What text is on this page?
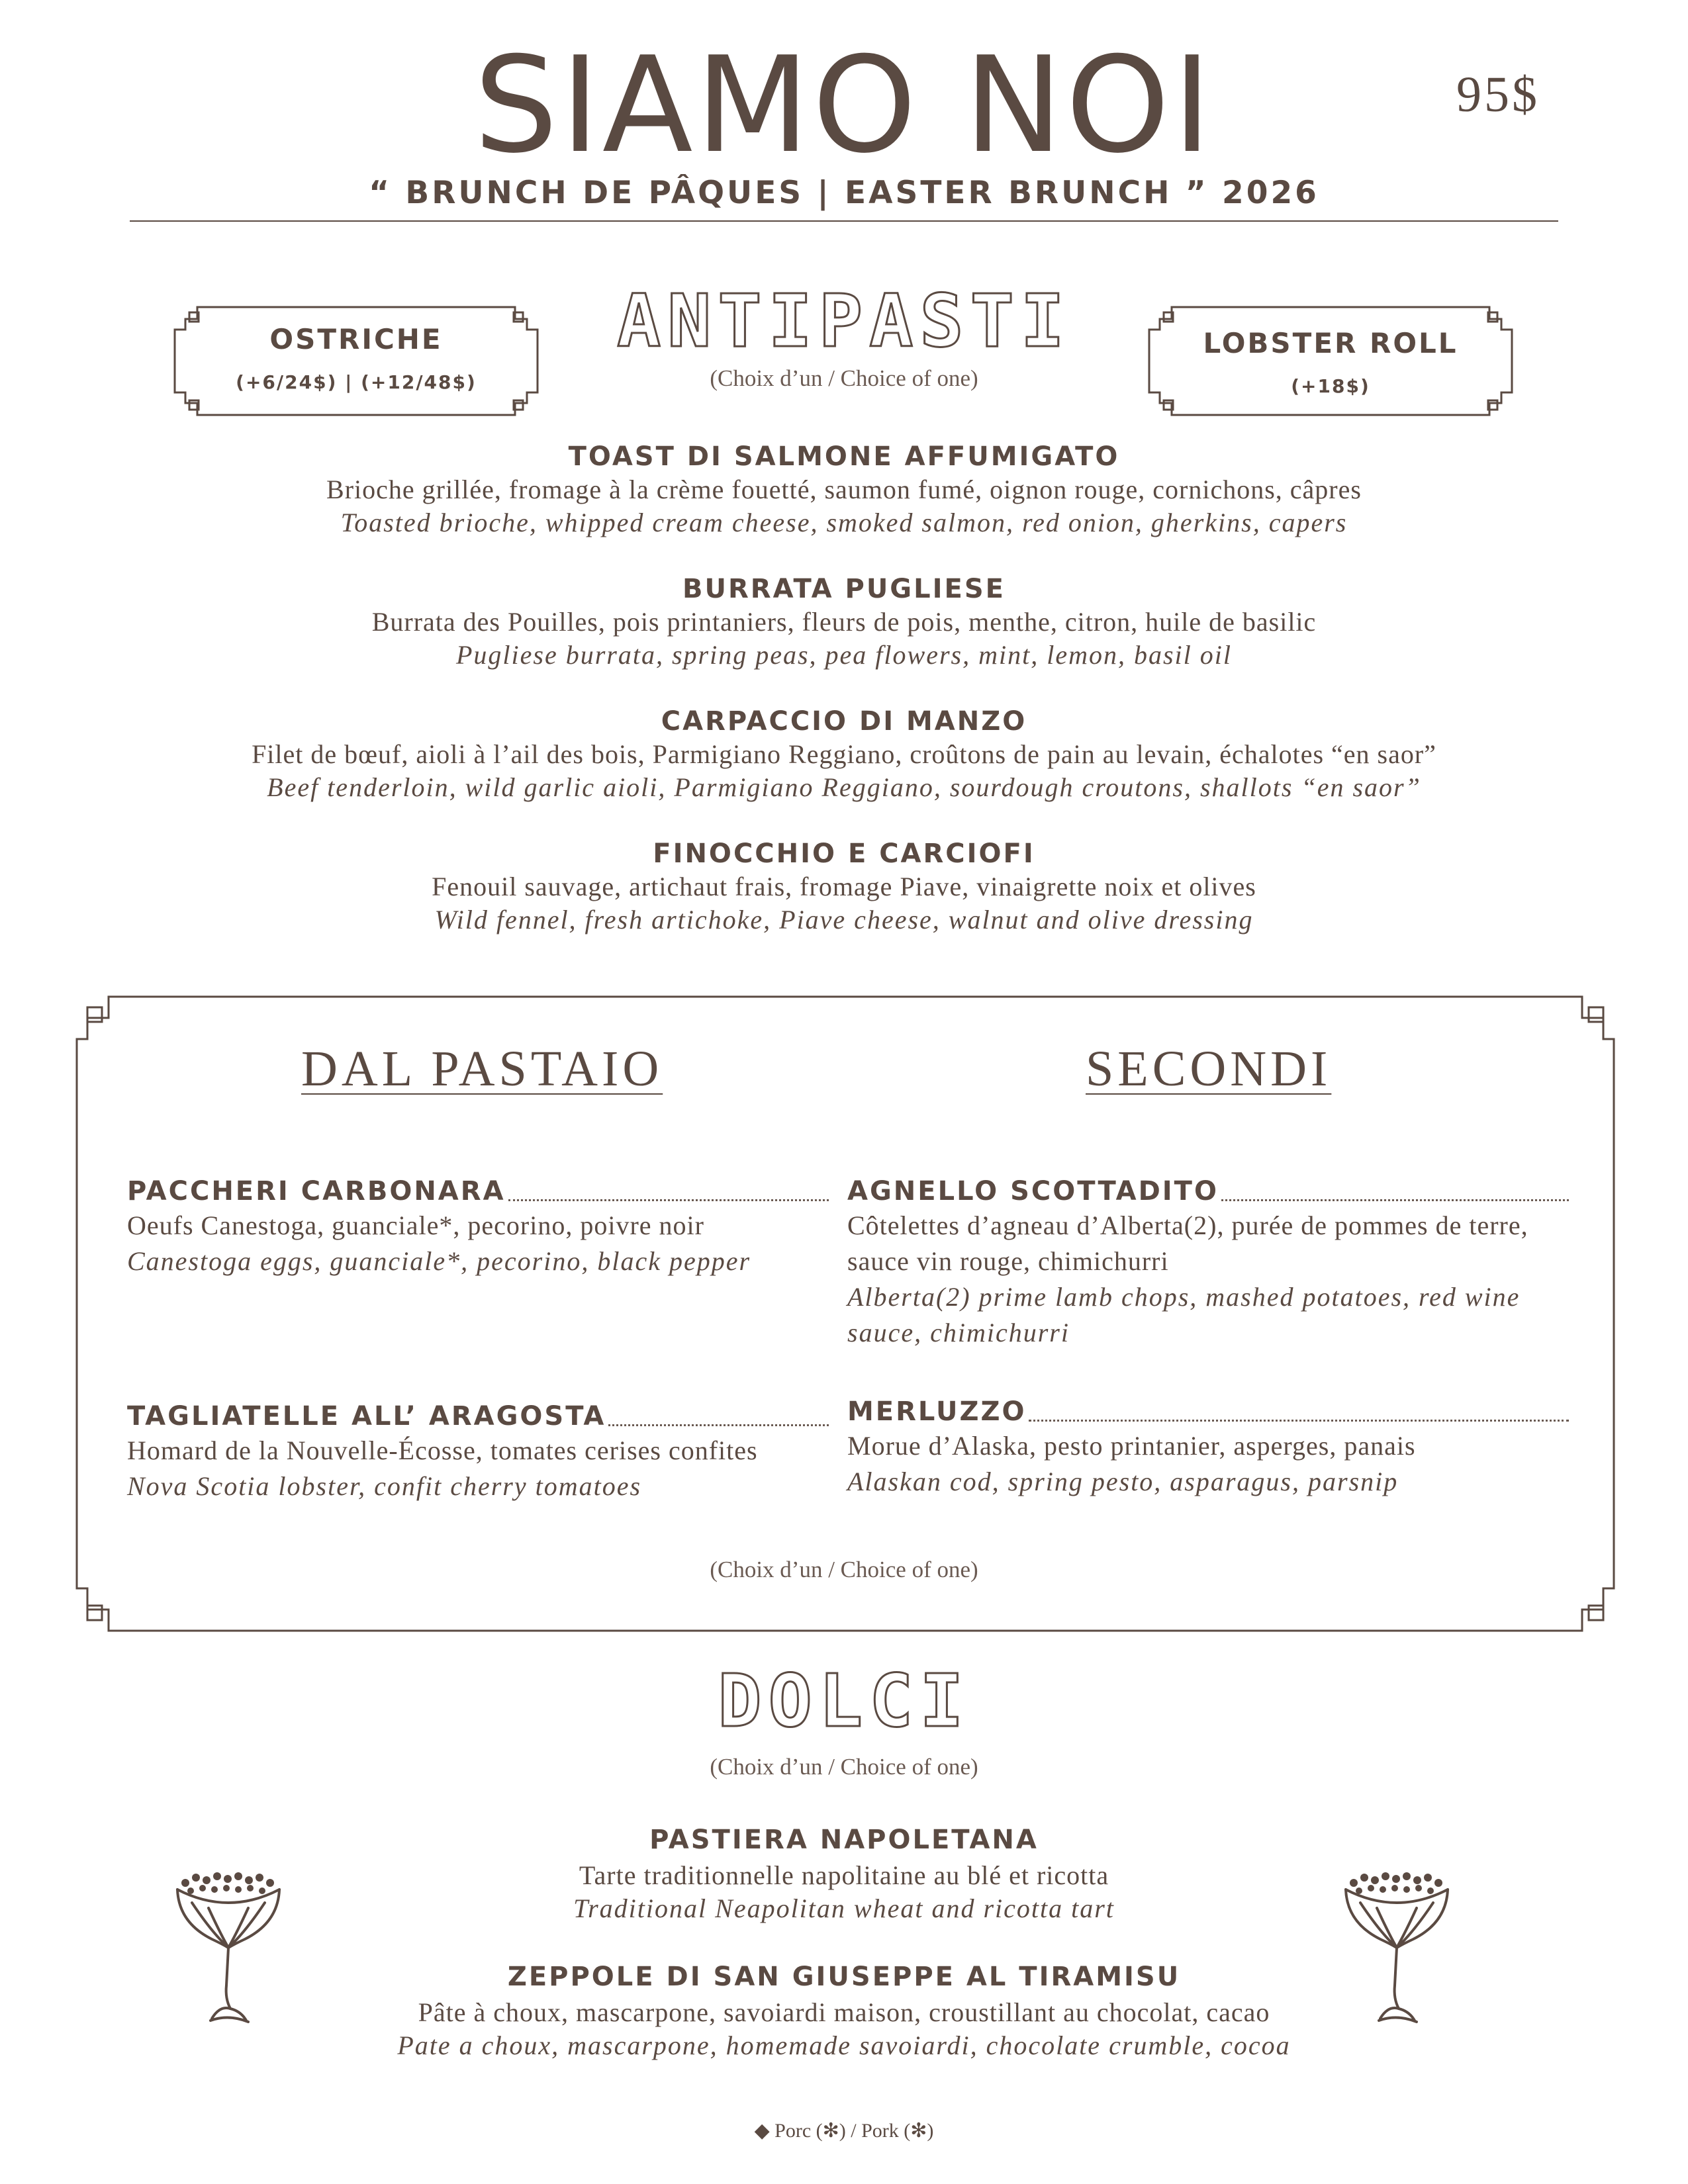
SIAMO NOI	95$
“ BRUNCH DE PÂQUES | EASTER BRUNCH ” 2026
ANTIPASTI
(Choix d’un / Choice of one)
OSTRICHE
(+6/24$) | (+12/48$)
LOBSTER ROLL
(+18$)
TOAST DI SALMONE AFFUMIGATO
Brioche grillée, fromage à la crème fouetté, saumon fumé, oignon rouge, cornichons, câpres
Toasted brioche, whipped cream cheese, smoked salmon, red onion, gherkins, capers
BURRATA PUGLIESE
Burrata des Pouilles, pois printaniers, fleurs de pois, menthe, citron, huile de basilic
Pugliese burrata, spring peas, pea flowers, mint, lemon, basil oil
CARPACCIO DI MANZO
Filet de bœuf, aioli à l’ail des bois, Parmigiano Reggiano, croûtons de pain au levain, échalotes “en saor”
Beef tenderloin, wild garlic aioli, Parmigiano Reggiano, sourdough croutons, shallots “en saor”
FINOCCHIO E CARCIOFI
Fenouil sauvage, artichaut frais, fromage Piave, vinaigrette noix et olives
Wild fennel, fresh artichoke, Piave cheese, walnut and olive dressing
DAL PASTAIO	SECONDI
PACCHERI CARBONARA
Oeufs Canestoga, guanciale*, pecorino, poivre noir
Canestoga eggs, guanciale*, pecorino, black pepper
TAGLIATELLE ALL’ ARAGOSTA
Homard de la Nouvelle-Écosse, tomates cerises confites
Nova Scotia lobster, confit cherry tomatoes
AGNELLO SCOTTADITO
Côtelettes d’agneau d’Alberta(2), purée de pommes de terre, sauce vin rouge, chimichurri
Alberta(2) prime lamb chops, mashed potatoes, red wine sauce, chimichurri
MERLUZZO
Morue d’Alaska, pesto printanier, asperges, panais
Alaskan cod, spring pesto, asparagus, parsnip
(Choix d’un / Choice of one)
DOLCI
(Choix d’un / Choice of one)
PASTIERA NAPOLETANA
Tarte traditionnelle napolitaine au blé et ricotta
Traditional Neapolitan wheat and ricotta tart
ZEPPOLE DI SAN GIUSEPPE AL TIRAMISU
Pâte à choux, mascarpone, savoiardi maison, croustillant au chocolat, cacao
Pate a choux, mascarpone, homemade savoiardi, chocolate crumble, cocoa
◆ Porc (✻) / Pork (✻)
